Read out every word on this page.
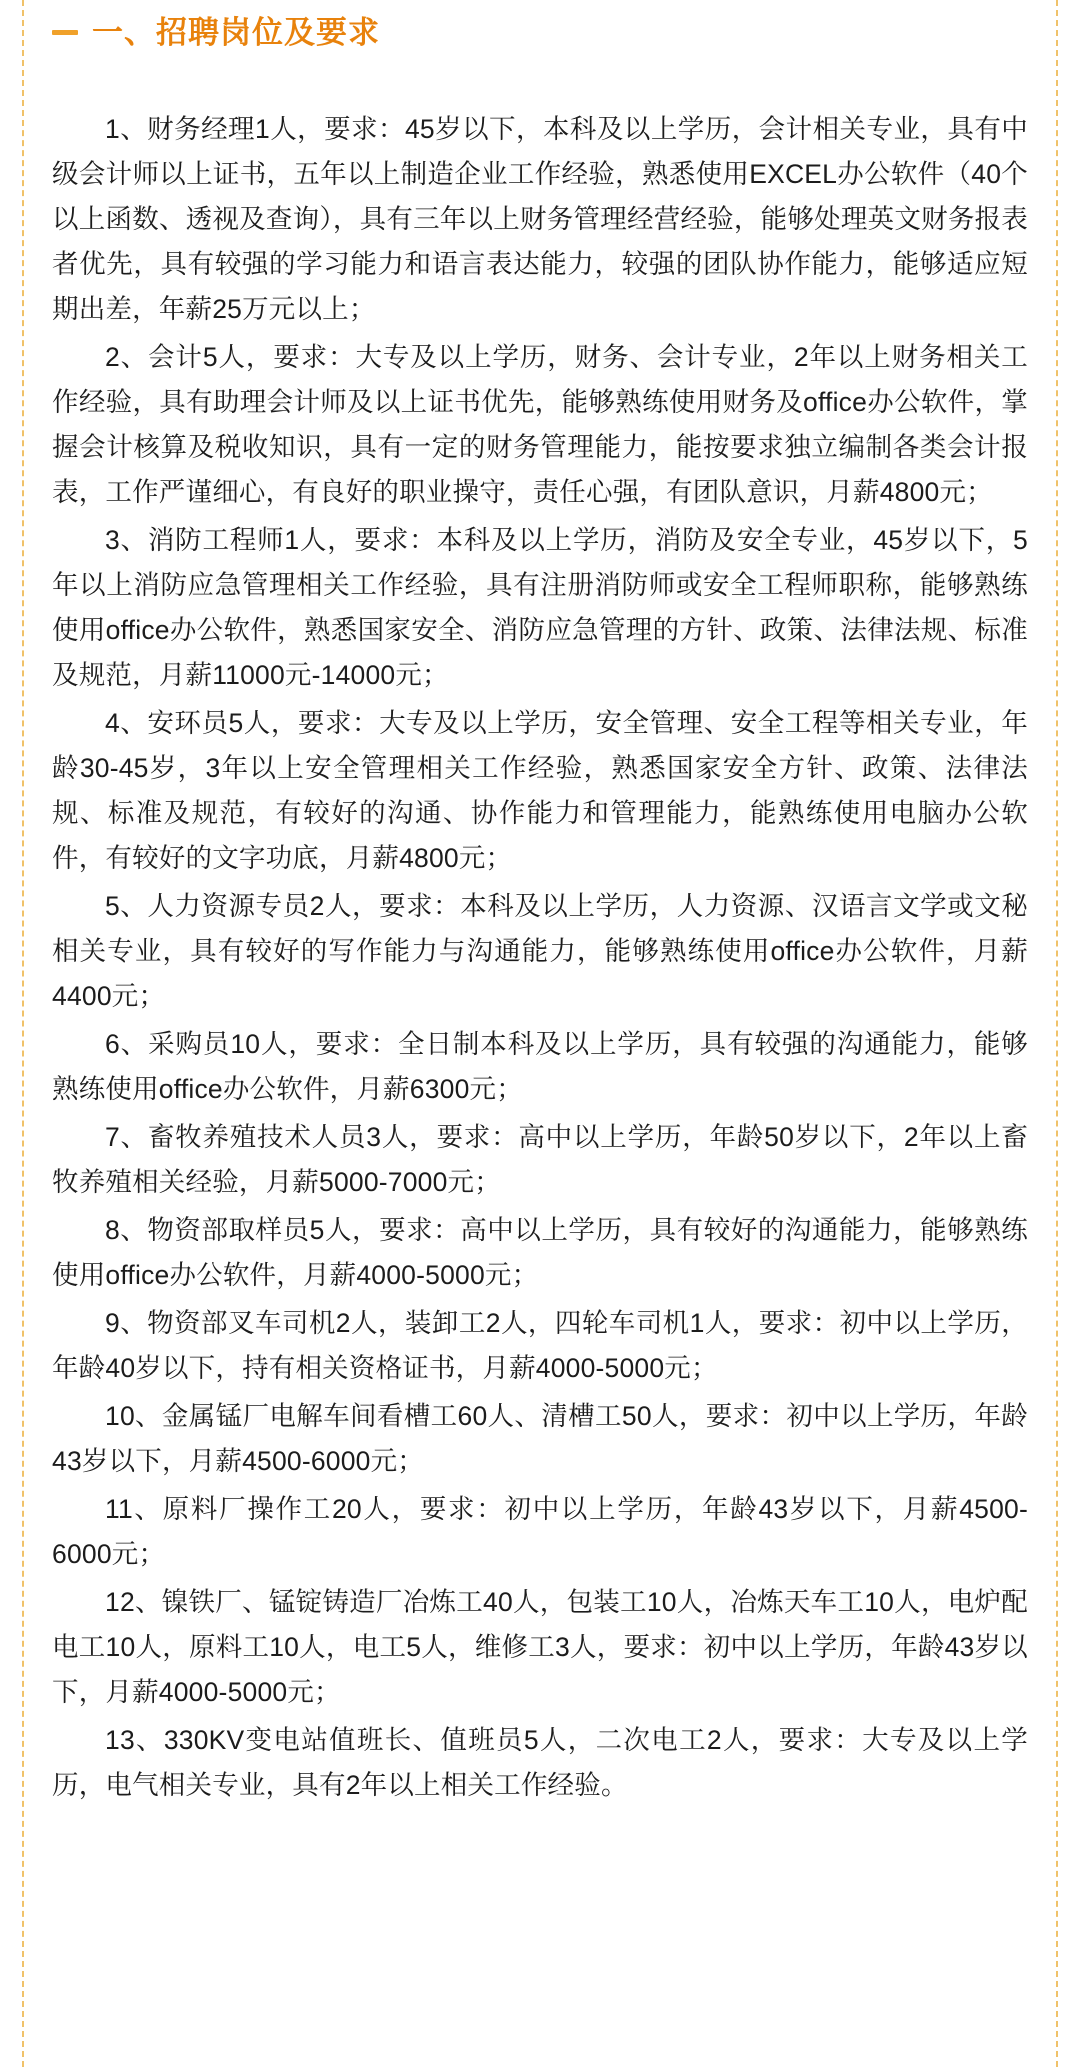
一、招聘岗位及要求

1、财务经理1人，要求：45岁以下，本科及以上学历，会计相关专业，具有中级会计师以上证书，五年以上制造企业工作经验，熟悉使用EXCEL办公软件（40个以上函数、透视及查询），具有三年以上财务管理经营经验，能够处理英文财务报表者优先，具有较强的学习能力和语言表达能力，较强的团队协作能力，能够适应短期出差，年薪25万元以上；

2、会计5人，要求：大专及以上学历，财务、会计专业，2年以上财务相关工作经验，具有助理会计师及以上证书优先，能够熟练使用财务及office办公软件，掌握会计核算及税收知识，具有一定的财务管理能力，能按要求独立编制各类会计报表，工作严谨细心，有良好的职业操守，责任心强，有团队意识，月薪4800元；

3、消防工程师1人，要求：本科及以上学历，消防及安全专业，45岁以下，5年以上消防应急管理相关工作经验，具有注册消防师或安全工程师职称，能够熟练使用office办公软件，熟悉国家安全、消防应急管理的方针、政策、法律法规、标准及规范，月薪11000元-14000元；

4、安环员5人，要求：大专及以上学历，安全管理、安全工程等相关专业，年龄30-45岁，3年以上安全管理相关工作经验，熟悉国家安全方针、政策、法律法规、标准及规范，有较好的沟通、协作能力和管理能力，能熟练使用电脑办公软件，有较好的文字功底，月薪4800元；

5、人力资源专员2人，要求：本科及以上学历，人力资源、汉语言文学或文秘相关专业，具有较好的写作能力与沟通能力，能够熟练使用office办公软件，月薪4400元；

6、采购员10人，要求：全日制本科及以上学历，具有较强的沟通能力，能够熟练使用office办公软件，月薪6300元；

7、畜牧养殖技术人员3人，要求：高中以上学历，年龄50岁以下，2年以上畜牧养殖相关经验，月薪5000-7000元；

8、物资部取样员5人，要求：高中以上学历，具有较好的沟通能力，能够熟练使用office办公软件，月薪4000-5000元；

9、物资部叉车司机2人，装卸工2人，四轮车司机1人，要求：初中以上学历，年龄40岁以下，持有相关资格证书，月薪4000-5000元；

10、金属锰厂电解车间看槽工60人、清槽工50人，要求：初中以上学历，年龄43岁以下，月薪4500-6000元；

11、原料厂操作工20人，要求：初中以上学历，年龄43岁以下，月薪4500-6000元；

12、镍铁厂、锰锭铸造厂冶炼工40人，包装工10人，冶炼天车工10人，电炉配电工10人，原料工10人，电工5人，维修工3人，要求：初中以上学历，年龄43岁以下，月薪4000-5000元；

13、330KV变电站值班长、值班员5人，二次电工2人，要求：大专及以上学历，电气相关专业，具有2年以上相关工作经验。
